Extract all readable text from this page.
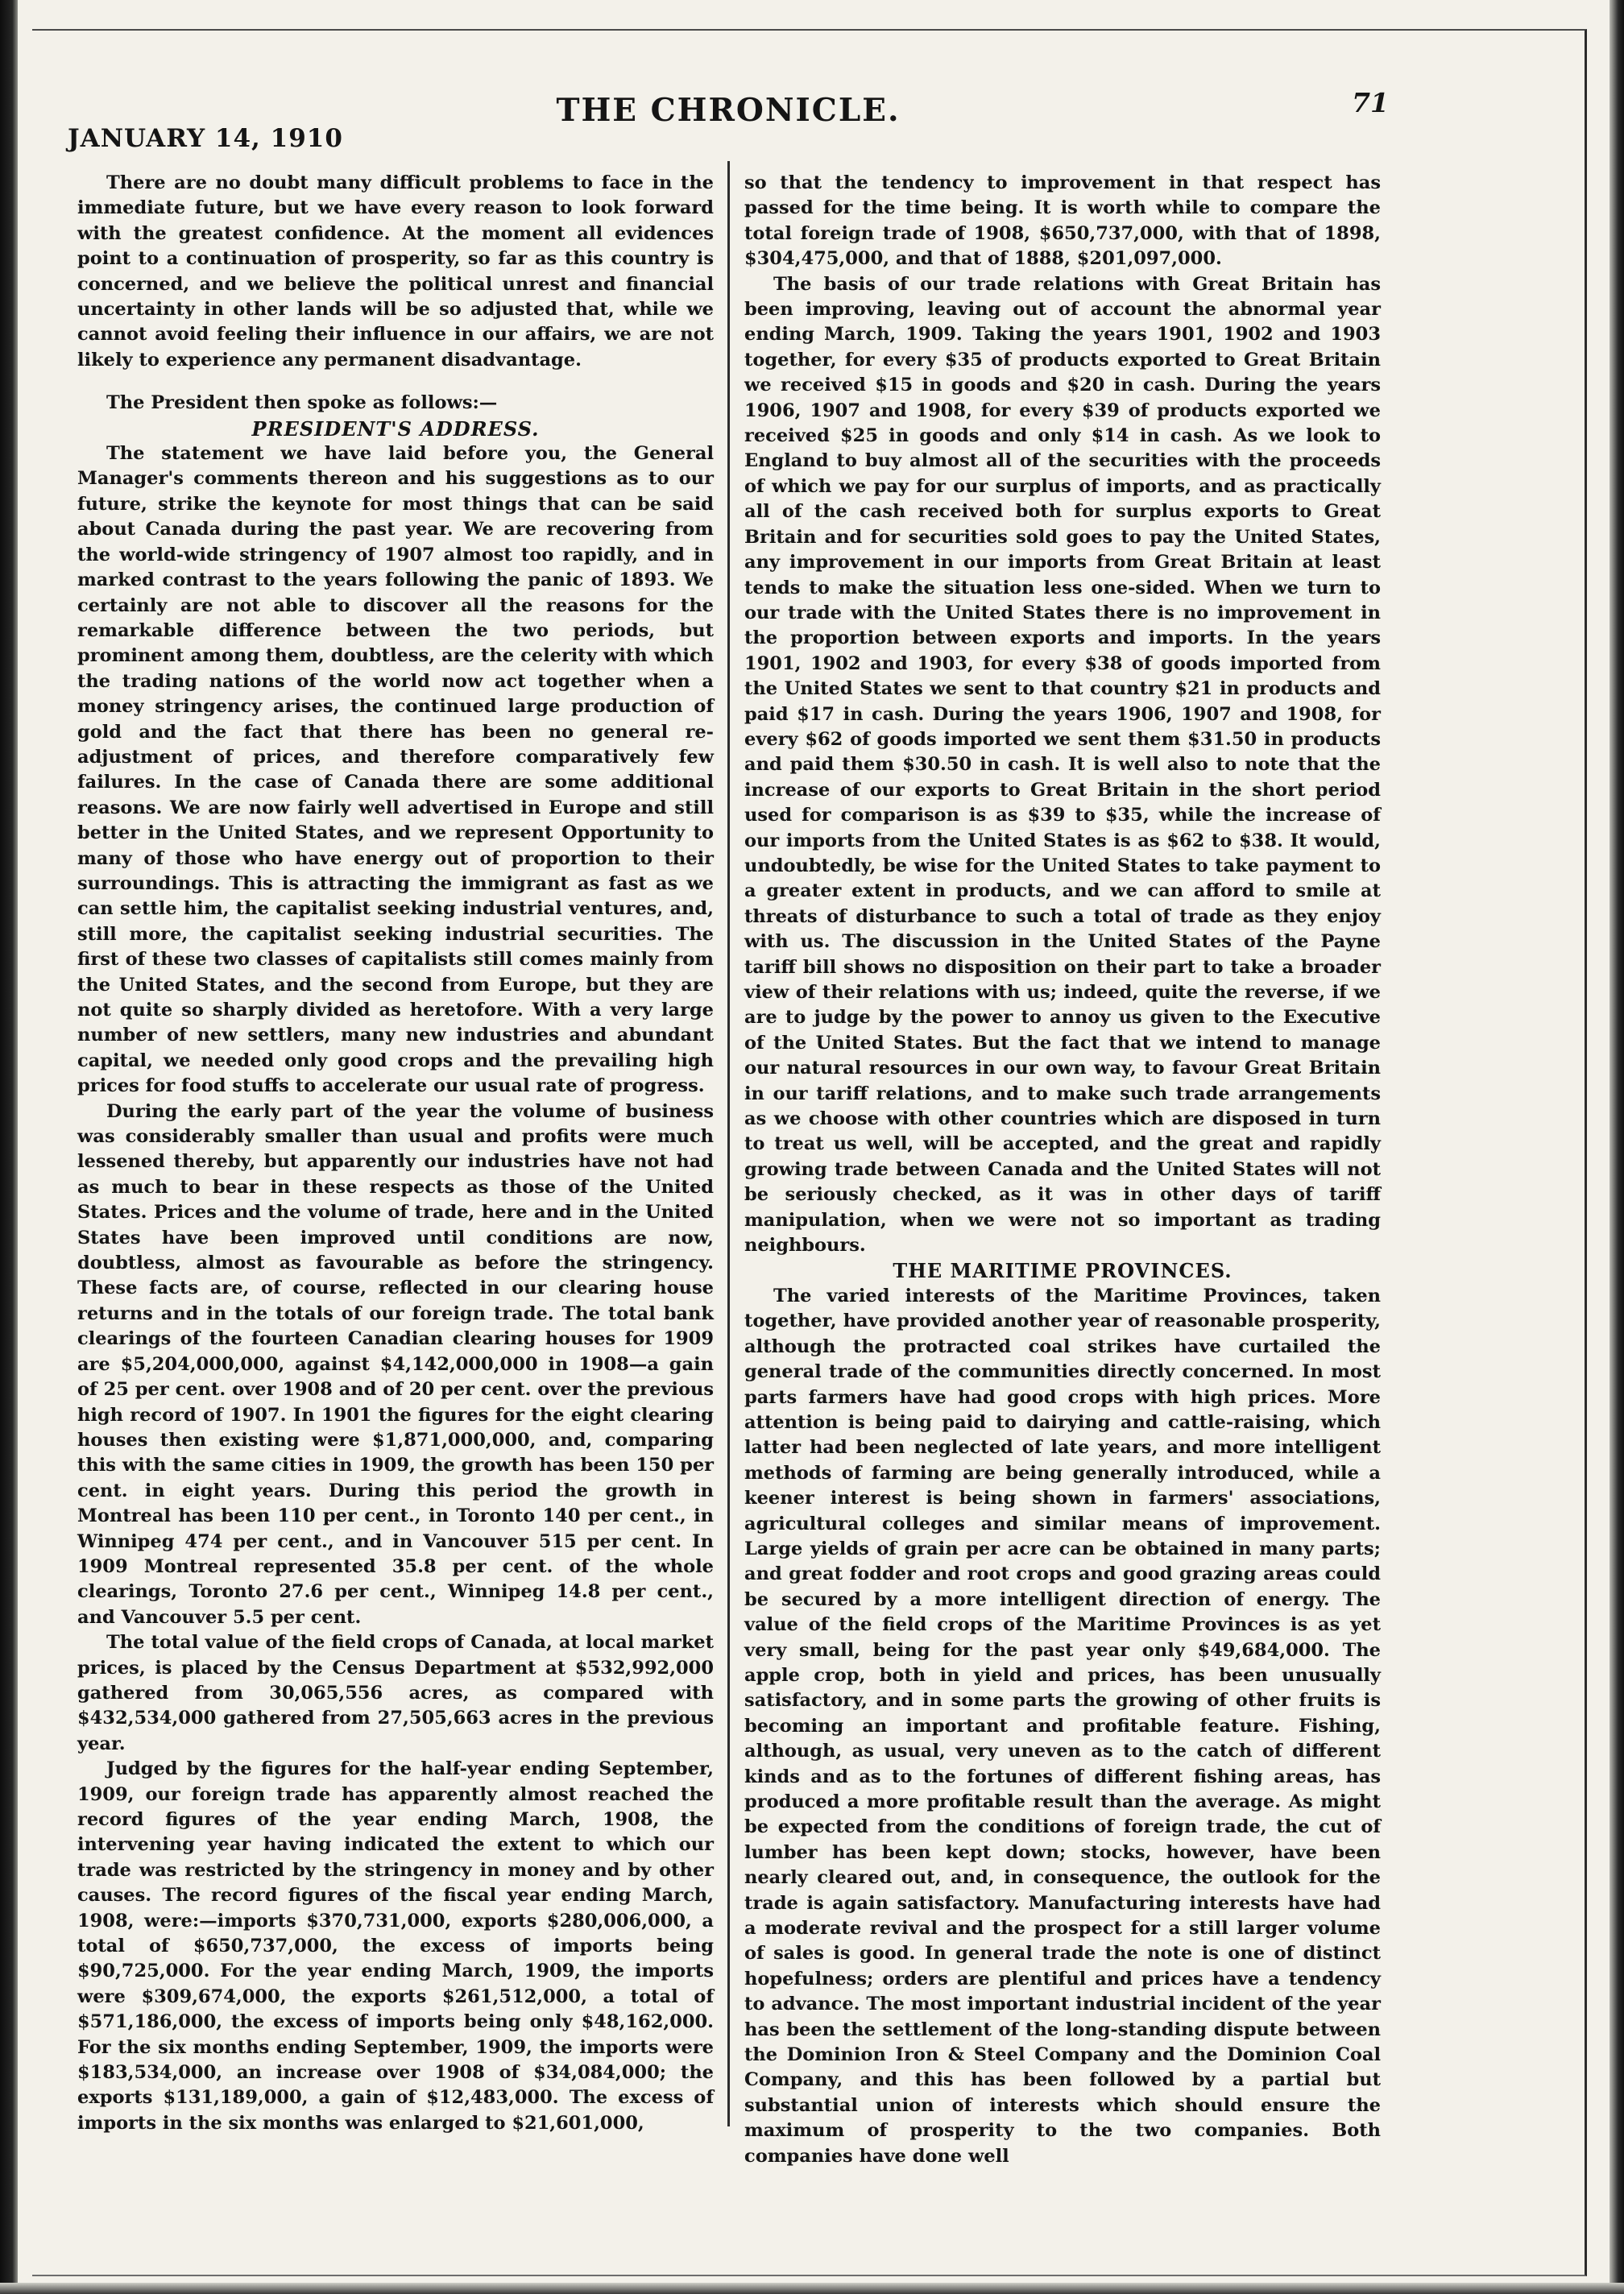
JANUARY 14, 1910
THE CHRONICLE.	71

There are no doubt many difficult problems to face in the immediate future, but we have every reason to look forward with the greatest confidence. At the moment all evidences point to a continuation of prosperity, so far as this country is concerned, and we believe the political unrest and financial uncertainty in other lands will be so adjusted that, while we cannot avoid feeling their influence in our affairs, we are not likely to experience any permanent disadvantage.

The President then spoke as follows:—

PRESIDENT'S ADDRESS.

The statement we have laid before you, the General Manager's comments thereon and his suggestions as to our future, strike the keynote for most things that can be said about Canada during the past year. We are recovering from the world-wide stringency of 1907 almost too rapidly, and in marked contrast to the years following the panic of 1893. We certainly are not able to discover all the reasons for the remarkable difference between the two periods, but prominent among them, doubtless, are the celerity with which the trading nations of the world now act together when a money stringency arises, the continued large production of gold and the fact that there has been no general re-adjustment of prices, and therefore comparatively few failures. In the case of Canada there are some additional reasons. We are now fairly well advertised in Europe and still better in the United States, and we represent Opportunity to many of those who have energy out of proportion to their surroundings. This is attracting the immigrant as fast as we can settle him, the capitalist seeking industrial ventures, and, still more, the capitalist seeking industrial securities. The first of these two classes of capitalists still comes mainly from the United States, and the second from Europe, but they are not quite so sharply divided as heretofore. With a very large number of new settlers, many new industries and abundant capital, we needed only good crops and the prevailing high prices for food stuffs to accelerate our usual rate of progress.

During the early part of the year the volume of business was considerably smaller than usual and profits were much lessened thereby, but apparently our industries have not had as much to bear in these respects as those of the United States. Prices and the volume of trade, here and in the United States have been improved until conditions are now, doubtless, almost as favourable as before the stringency. These facts are, of course, reflected in our clearing house returns and in the totals of our foreign trade. The total bank clearings of the fourteen Canadian clearing houses for 1909 are $5,204,000,000, against $4,142,000,000 in 1908—a gain of 25 per cent. over 1908 and of 20 per cent. over the previous high record of 1907. In 1901 the figures for the eight clearing houses then existing were $1,871,000,000, and, comparing this with the same cities in 1909, the growth has been 150 per cent. in eight years. During this period the growth in Montreal has been 110 per cent., in Toronto 140 per cent., in Winnipeg 474 per cent., and in Vancouver 515 per cent. In 1909 Montreal represented 35.8 per cent. of the whole clearings, Toronto 27.6 per cent., Winnipeg 14.8 per cent., and Vancouver 5.5 per cent.

The total value of the field crops of Canada, at local market prices, is placed by the Census Department at $532,992,000 gathered from 30,065,556 acres, as compared with $432,534,000 gathered from 27,505,663 acres in the previous year.

Judged by the figures for the half-year ending September, 1909, our foreign trade has apparently almost reached the record figures of the year ending March, 1908, the intervening year having indicated the extent to which our trade was restricted by the stringency in money and by other causes. The record figures of the fiscal year ending March, 1908, were:—imports $370,731,000, exports $280,006,000, a total of $650,737,000, the excess of imports being $90,725,000. For the year ending March, 1909, the imports were $309,674,000, the exports $261,512,000, a total of $571,186,000, the excess of imports being only $48,162,000. For the six months ending September, 1909, the imports were $183,534,000, an increase over 1908 of $34,084,000; the exports $131,189,000, a gain of $12,483,000. The excess of imports in the six months was enlarged to $21,601,000,

so that the tendency to improvement in that respect has passed for the time being. It is worth while to compare the total foreign trade of 1908, $650,737,000, with that of 1898, $304,475,000, and that of 1888, $201,097,000.

The basis of our trade relations with Great Britain has been improving, leaving out of account the abnormal year ending March, 1909. Taking the years 1901, 1902 and 1903 together, for every $35 of products exported to Great Britain we received $15 in goods and $20 in cash. During the years 1906, 1907 and 1908, for every $39 of products exported we received $25 in goods and only $14 in cash. As we look to England to buy almost all of the securities with the proceeds of which we pay for our surplus of imports, and as practically all of the cash received both for surplus exports to Great Britain and for securities sold goes to pay the United States, any improvement in our imports from Great Britain at least tends to make the situation less one-sided. When we turn to our trade with the United States there is no improvement in the proportion between exports and imports. In the years 1901, 1902 and 1903, for every $38 of goods imported from the United States we sent to that country $21 in products and paid $17 in cash. During the years 1906, 1907 and 1908, for every $62 of goods imported we sent them $31.50 in products and paid them $30.50 in cash. It is well also to note that the increase of our exports to Great Britain in the short period used for comparison is as $39 to $35, while the increase of our imports from the United States is as $62 to $38. It would, undoubtedly, be wise for the United States to take payment to a greater extent in products, and we can afford to smile at threats of disturbance to such a total of trade as they enjoy with us. The discussion in the United States of the Payne tariff bill shows no disposition on their part to take a broader view of their relations with us; indeed, quite the reverse, if we are to judge by the power to annoy us given to the Executive of the United States. But the fact that we intend to manage our natural resources in our own way, to favour Great Britain in our tariff relations, and to make such trade arrangements as we choose with other countries which are disposed in turn to treat us well, will be accepted, and the great and rapidly growing trade between Canada and the United States will not be seriously checked, as it was in other days of tariff manipulation, when we were not so important as trading neighbours.

THE MARITIME PROVINCES.

The varied interests of the Maritime Provinces, taken together, have provided another year of reasonable prosperity, although the protracted coal strikes have curtailed the general trade of the communities directly concerned. In most parts farmers have had good crops with high prices. More attention is being paid to dairying and cattle-raising, which latter had been neglected of late years, and more intelligent methods of farming are being generally introduced, while a keener interest is being shown in farmers' associations, agricultural colleges and similar means of improvement. Large yields of grain per acre can be obtained in many parts; and great fodder and root crops and good grazing areas could be secured by a more intelligent direction of energy. The value of the field crops of the Maritime Provinces is as yet very small, being for the past year only $49,684,000. The apple crop, both in yield and prices, has been unusually satisfactory, and in some parts the growing of other fruits is becoming an important and profitable feature. Fishing, although, as usual, very uneven as to the catch of different kinds and as to the fortunes of different fishing areas, has produced a more profitable result than the average. As might be expected from the conditions of foreign trade, the cut of lumber has been kept down; stocks, however, have been nearly cleared out, and, in consequence, the outlook for the trade is again satisfactory. Manufacturing interests have had a moderate revival and the prospect for a still larger volume of sales is good. In general trade the note is one of distinct hopefulness; orders are plentiful and prices have a tendency to advance. The most important industrial incident of the year has been the settlement of the long-standing dispute between the Dominion Iron & Steel Company and the Dominion Coal Company, and this has been followed by a partial but substantial union of interests which should ensure the maximum of prosperity to the two companies. Both companies have done well
